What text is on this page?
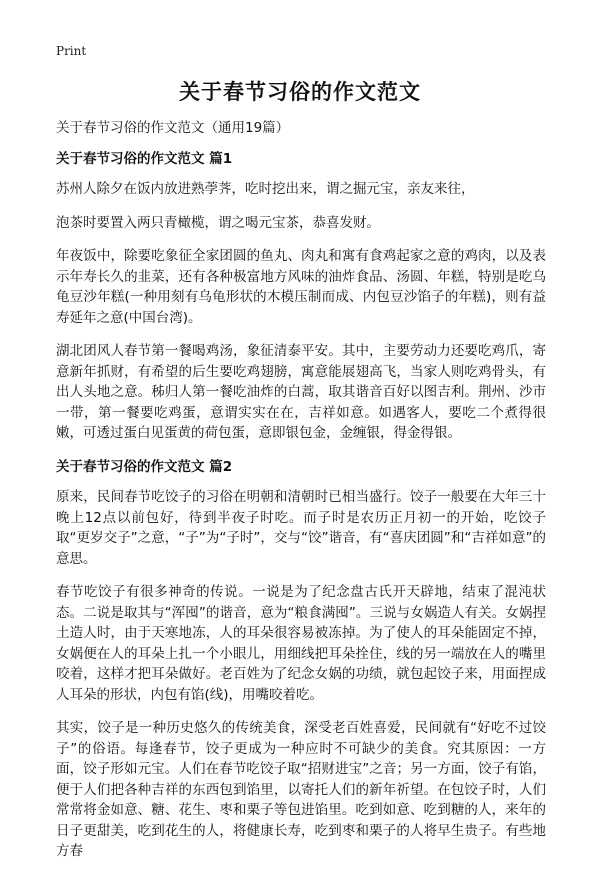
Print
关于春节习俗的作文范文

关于春节习俗的作文范文（通用19篇）

关于春节习俗的作文范文 篇1

苏州人除夕在饭内放进熟荸荠，吃时挖出来，谓之掘元宝，亲友来往，

泡茶时要置入两只青橄榄，谓之喝元宝茶，恭喜发财。

年夜饭中，除要吃象征全家团圆的鱼丸、肉丸和寓有食鸡起家之意的鸡肉，以及表示年寿长久的韭菜，还有各种极富地方风味的油炸食品、汤圆、年糕，特别是吃乌龟豆沙年糕(一种用刻有乌龟形状的木模压制而成、内包豆沙馅子的年糕)，则有益寿延年之意(中国台湾)。

湖北团风人春节第一餐喝鸡汤，象征清泰平安。其中，主要劳动力还要吃鸡爪，寄意新年抓财，有希望的后生要吃鸡翅膀，寓意能展翅高飞，当家人则吃鸡骨头，有出人头地之意。秭归人第一餐吃油炸的白蒿，取其谐音百好以图吉利。荆州、沙市一带，第一餐要吃鸡蛋，意谓实实在在，吉祥如意。如遇客人，要吃二个煮得很嫩，可透过蛋白见蛋黄的荷包蛋，意即银包金，金缠银，得金得银。

关于春节习俗的作文范文 篇2

原来，民间春节吃饺子的习俗在明朝和清朝时已相当盛行。饺子一般要在大年三十晚上12点以前包好，待到半夜子时吃。而子时是农历正月初一的开始，吃饺子取“更岁交子”之意，“子”为“子时”，交与“饺”谐音，有“喜庆团圆”和“吉祥如意”的意思。

春节吃饺子有很多神奇的传说。一说是为了纪念盘古氏开天辟地，结束了混沌状态。二说是取其与“浑囤”的谐音，意为“粮食满囤”。三说与女娲造人有关。女娲捏土造人时，由于天寒地冻，人的耳朵很容易被冻掉。为了使人的耳朵能固定不掉，女娲便在人的耳朵上扎一个小眼儿，用细线把耳朵拴住，线的另一端放在人的嘴里咬着，这样才把耳朵做好。老百姓为了纪念女娲的功绩，就包起饺子来，用面捏成人耳朵的形状，内包有馅(线)，用嘴咬着吃。

其实，饺子是一种历史悠久的传统美食，深受老百姓喜爱，民间就有“好吃不过饺子”的俗语。每逢春节，饺子更成为一种应时不可缺少的美食。究其原因：一方面，饺子形如元宝。人们在春节吃饺子取“招财进宝”之音；另一方面，饺子有馅，便于人们把各种吉祥的东西包到馅里，以寄托人们的新年祈望。在包饺子时，人们常常将金如意、糖、花生、枣和栗子等包进馅里。吃到如意、吃到糖的人，来年的日子更甜美，吃到花生的人，将健康长寿，吃到枣和栗子的人将早生贵子。有些地方春
